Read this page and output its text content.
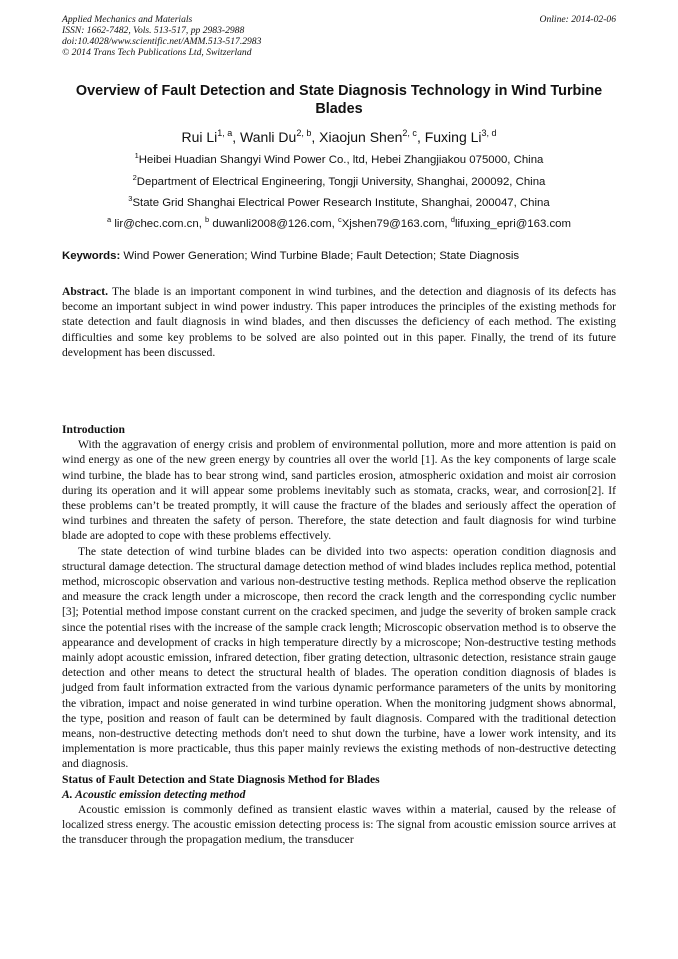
Applied Mechanics and Materials
ISSN: 1662-7482, Vols. 513-517, pp 2983-2988
doi:10.4028/www.scientific.net/AMM.513-517.2983
© 2014 Trans Tech Publications Ltd, Switzerland
Online: 2014-02-06
Overview of Fault Detection and State Diagnosis Technology in Wind Turbine Blades
Rui Li$^{1, a}$, Wanli Du$^{2, b}$, Xiaojun Shen$^{2, c}$, Fuxing Li$^{3, d}$
$^1$Heibei Huadian Shangyi Wind Power Co., ltd, Hebei Zhangjiakou 075000, China
$^2$Department of Electrical Engineering, Tongji University, Shanghai, 200092, China
$^3$State Grid Shanghai Electrical Power Research Institute, Shanghai, 200047, China
$^a$ lir@chec.com.cn, $^b$ duwanli2008@126.com, $^c$Xjshen79@163.com, $^d$lifuxing_epri@163.com
Keywords: Wind Power Generation; Wind Turbine Blade; Fault Detection; State Diagnosis

Abstract. The blade is an important component in wind turbines, and the detection and diagnosis of its defects has become an important subject in wind power industry. This paper introduces the principles of the existing methods for state detection and fault diagnosis in wind blades, and then discusses the deficiency of each method. The existing difficulties and some key problems to be solved are also pointed out in this paper. Finally, the trend of its future development has been discussed.

Introduction

With the aggravation of energy crisis and problem of environmental pollution, more and more attention is paid on wind energy as one of the new green energy by countries all over the world [1]. As the key components of large scale wind turbine, the blade has to bear strong wind, sand particles erosion, atmospheric oxidation and moist air corrosion during its operation and it will appear some problems inevitably such as stomata, cracks, wear, and corrosion[2]. If these problems can’t be treated promptly, it will cause the fracture of the blades and seriously affect the operation of wind turbines and threaten the safety of person. Therefore, the state detection and fault diagnosis for wind turbine blade are adopted to cope with these problems effectively.

The state detection of wind turbine blades can be divided into two aspects: operation condition diagnosis and structural damage detection. The structural damage detection method of wind blades includes replica method, potential method, microscopic observation and various non-destructive testing methods. Replica method observe the replication and measure the crack length under a microscope, then record the crack length and the corresponding cyclic number [3]; Potential method impose constant current on the cracked specimen, and judge the severity of broken sample crack since the potential rises with the increase of the sample crack length; Microscopic observation method is to observe the appearance and development of cracks in high temperature directly by a microscope; Non-destructive testing methods mainly adopt acoustic emission, infrared detection, fiber grating detection, ultrasonic detection, resistance strain gauge detection and other means to detect the structural health of blades. The operation condition diagnosis of blades is judged from fault information extracted from the various dynamic performance parameters of the units by monitoring the vibration, impact and noise generated in wind turbine operation. When the monitoring judgment shows abnormal, the type, position and reason of fault can be determined by fault diagnosis. Compared with the traditional detection means, non-destructive detecting methods don't need to shut down the turbine, have a lower work intensity, and its implementation is more practicable, thus this paper mainly reviews the existing methods of non-destructive detecting and diagnosis.

Status of Fault Detection and State Diagnosis Method for Blades
A. Acoustic emission detecting method

Acoustic emission is commonly defined as transient elastic waves within a material, caused by the release of localized stress energy. The acoustic emission detecting process is: The signal from acoustic emission source arrives at the transducer through the propagation medium, the transducer
